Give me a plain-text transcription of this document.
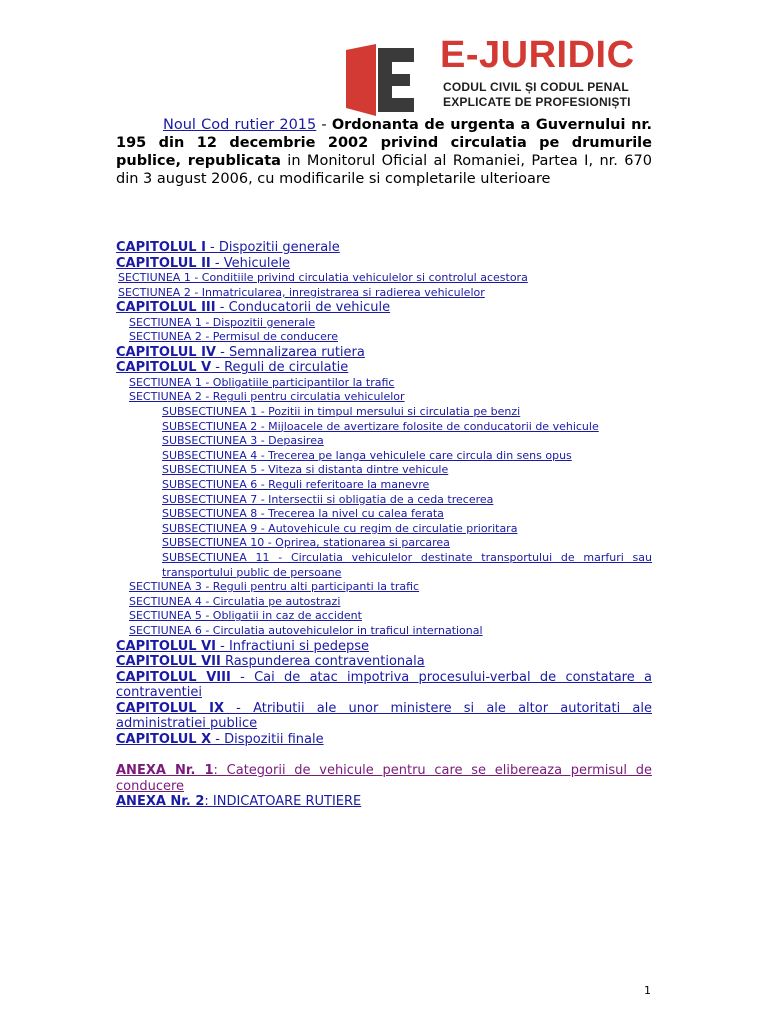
E-JURIDIC
CODUL CIVIL ȘI CODUL PENAL
EXPLICATE DE PROFESIONIȘTI
Noul Cod rutier 2015 - Ordonanta de urgenta a Guvernului nr. 195 din 12 decembrie 2002 privind circulatia pe drumurile publice, republicata in Monitorul Oficial al Romaniei, Partea I, nr. 670 din 3 august 2006, cu modificarile si completarile ulterioare
CAPITOLUL I - Dispozitii generale
CAPITOLUL II - Vehiculele
SECTIUNEA 1 - Conditiile privind circulatia vehiculelor si controlul acestora
SECTIUNEA 2 - Inmatricularea, inregistrarea si radierea vehiculelor
CAPITOLUL III - Conducatorii de vehicule
SECTIUNEA 1 - Dispozitii generale
SECTIUNEA 2 - Permisul de conducere
CAPITOLUL IV - Semnalizarea rutiera
CAPITOLUL V - Reguli de circulatie
SECTIUNEA 1 - Obligatiile participantilor la trafic
SECTIUNEA 2 - Reguli pentru circulatia vehiculelor
SUBSECTIUNEA 1 - Pozitii in timpul mersului si circulatia pe benzi
SUBSECTIUNEA 2 - Mijloacele de avertizare folosite de conducatorii de vehicule
SUBSECTIUNEA 3 - Depasirea
SUBSECTIUNEA 4 - Trecerea pe langa vehiculele care circula din sens opus
SUBSECTIUNEA 5 - Viteza si distanta dintre vehicule
SUBSECTIUNEA 6 - Reguli referitoare la manevre
SUBSECTIUNEA 7 - Intersectii si obligatia de a ceda trecerea
SUBSECTIUNEA 8 - Trecerea la nivel cu calea ferata
SUBSECTIUNEA 9 - Autovehicule cu regim de circulatie prioritara
SUBSECTIUNEA 10 - Oprirea, stationarea si parcarea
SUBSECTIUNEA 11 - Circulatia vehiculelor destinate transportului de marfuri sau transportului public de persoane
SECTIUNEA 3 - Reguli pentru alti participanti la trafic
SECTIUNEA 4 - Circulatia pe autostrazi
SECTIUNEA 5 - Obligatii in caz de accident
SECTIUNEA 6 - Circulatia autovehiculelor in traficul international
CAPITOLUL VI - Infractiuni si pedepse
CAPITOLUL VII Raspunderea contraventionala
CAPITOLUL VIII - Cai de atac impotriva procesului-verbal de constatare a contraventiei
CAPITOLUL IX - Atributii ale unor ministere si ale altor autoritati ale administratiei publice
CAPITOLUL X - Dispozitii finale
ANEXA Nr. 1: Categorii de vehicule pentru care se elibereaza permisul de conducere
ANEXA Nr. 2: INDICATOARE RUTIERE
1
